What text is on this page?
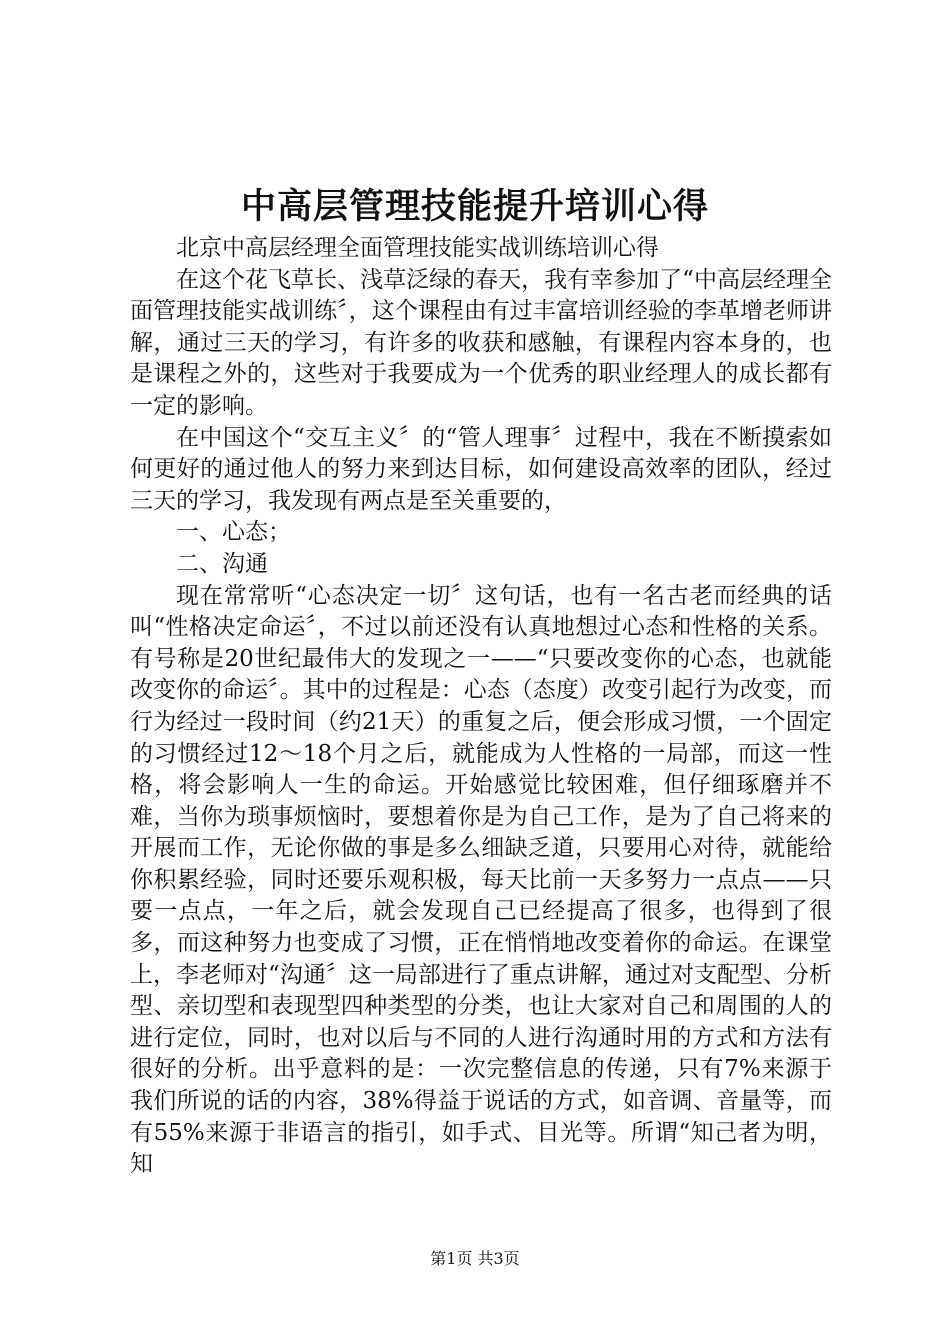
中高层管理技能提升培训心得

北京中高层经理全面管理技能实战训练培训心得

在这个花飞草长、浅草泛绿的春天，我有幸参加了“中高层经理全面管理技能实战训练〞，这个课程由有过丰富培训经验的李革增老师讲解，通过三天的学习，有许多的收获和感触，有课程内容本身的，也是课程之外的，这些对于我要成为一个优秀的职业经理人的成长都有一定的影响。

在中国这个“交互主义〞的“管人理事〞过程中，我在不断摸索如何更好的通过他人的努力来到达目标，如何建设高效率的团队，经过三天的学习，我发现有两点是至关重要的，

一、心态；

二、沟通

现在常常听“心态决定一切〞这句话，也有一名古老而经典的话叫“性格决定命运〞，不过以前还没有认真地想过心态和性格的关系。有号称是20世纪最伟大的发现之一——“只要改变你的心态，也就能改变你的命运〞。其中的过程是：心态（态度）改变引起行为改变，而行为经过一段时间（约21天）的重复之后，便会形成习惯，一个固定的习惯经过12～18个月之后，就能成为人性格的一局部，而这一性格，将会影响人一生的命运。开始感觉比较困难，但仔细琢磨并不难，当你为琐事烦恼时，要想着你是为自己工作，是为了自己将来的开展而工作，无论你做的事是多么细缺乏道，只要用心对待，就能给你积累经验，同时还要乐观积极，每天比前一天多努力一点点——只要一点点，一年之后，就会发现自己已经提高了很多，也得到了很多，而这种努力也变成了习惯，正在悄悄地改变着你的命运。在课堂上，李老师对“沟通〞这一局部进行了重点讲解，通过对支配型、分析型、亲切型和表现型四种类型的分类，也让大家对自己和周围的人的进行定位，同时，也对以后与不同的人进行沟通时用的方式和方法有很好的分析。出乎意料的是：一次完整信息的传递，只有7%来源于我们所说的话的内容，38%得益于说话的方式，如音调、音量等，而有55%来源于非语言的指引，如手式、目光等。所谓“知己者为明，知

第1页 共3页
